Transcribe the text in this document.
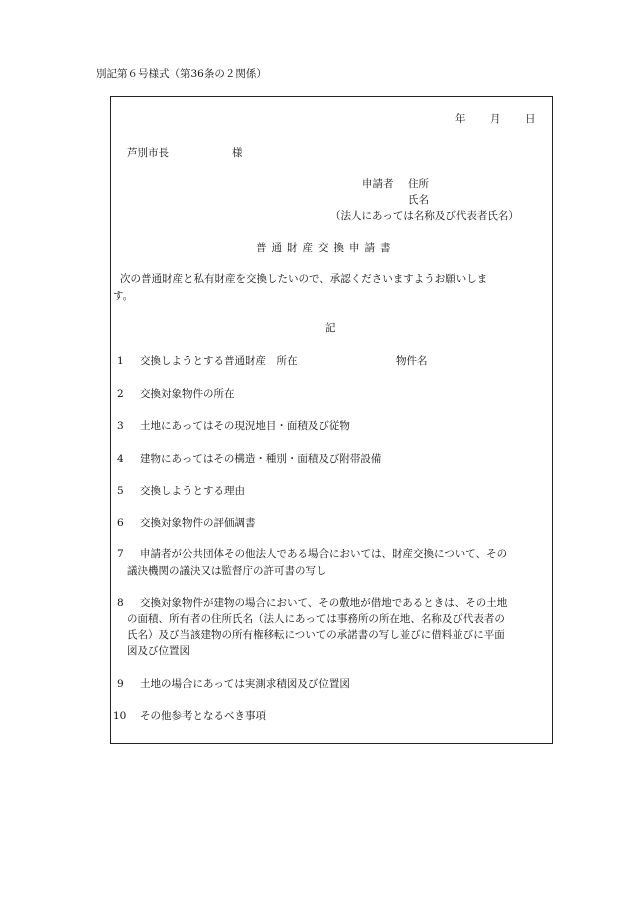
別記第６号様式（第36条の２関係）
年 月 日
芦別市長	様
申請者 住所
氏名
（法人にあっては名称及び代表者氏名）
普通財産交換申請書
次の普通財産と私有財産を交換したいので、承認くださいますようお願いしま
す。
記
1 交換しようとする普通財産　所在	物件名
2 交換対象物件の所在
3 土地にあってはその現況地目・面積及び従物
4 建物にあってはその構造・種別・面積及び附帯設備
5 交換しようとする理由
6 交換対象物件の評価調書
7 申請者が公共団体その他法人である場合においては、財産交換について、その
議決機関の議決又は監督庁の許可書の写し
8 交換対象物件が建物の場合において、その敷地が借地であるときは、その土地
の面積、所有者の住所氏名（法人にあっては事務所の所在地、名称及び代表者の
氏名）及び当該建物の所有権移転についての承諾書の写し並びに借料並びに平面
図及び位置図
9 土地の場合にあっては実測求積図及び位置図
10 その他参考となるべき事項
